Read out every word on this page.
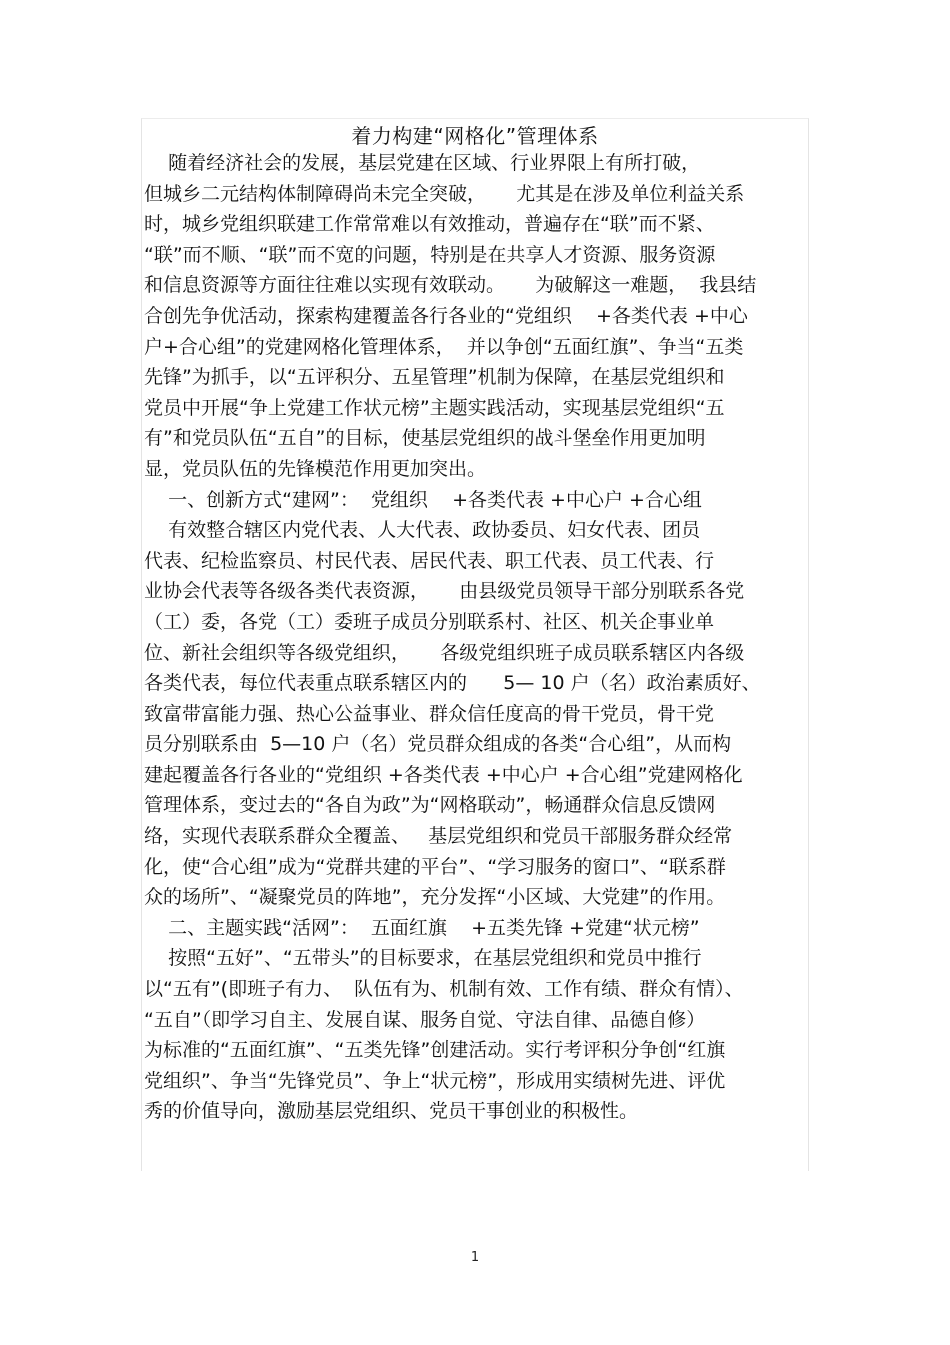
着力构建“网格化”管理体系
随着经济社会的发展，基层党建在区域、行业界限上有所打破，
但城乡二元结构体制障碍尚未完全突破，     尤其是在涉及单位利益关系
时，城乡党组织联建工作常常难以有效推动，普遍存在“联”而不紧、
“联”而不顺、“联”而不宽的问题，特别是在共享人才资源、服务资源
和信息资源等方面往往难以实现有效联动。     为破解这一难题，  我县结
合创先争优活动，探索构建覆盖各行各业的“党组织    +各类代表 +中心
户+合心组”的党建网格化管理体系，  并以争创“五面红旗”、争当“五类
先锋”为抓手，以“五评积分、五星管理”机制为保障，在基层党组织和
党员中开展“争上党建工作状元榜”主题实践活动，实现基层党组织“五
有”和党员队伍“五自”的目标，使基层党组织的战斗堡垒作用更加明
显，党员队伍的先锋模范作用更加突出。
一、创新方式“建网”：  党组织    +各类代表 +中心户 +合心组
有效整合辖区内党代表、人大代表、政协委员、妇女代表、团员
代表、纪检监察员、村民代表、居民代表、职工代表、员工代表、行
业协会代表等各级各类代表资源，     由县级党员领导干部分别联系各党
（工）委，各党（工）委班子成员分别联系村、社区、机关企事业单
位、新社会组织等各级党组织，     各级党组织班子成员联系辖区内各级
各类代表，每位代表重点联系辖区内的      5— 10 户（名）政治素质好、
致富带富能力强、热心公益事业、群众信任度高的骨干党员，骨干党
员分别联系由  5—10 户（名）党员群众组成的各类“合心组”，从而构
建起覆盖各行各业的“党组织 +各类代表 +中心户 +合心组”党建网格化
管理体系，变过去的“各自为政”为“网格联动”，畅通群众信息反馈网
络，实现代表联系群众全覆盖、   基层党组织和党员干部服务群众经常
化，使“合心组”成为“党群共建的平台”、“学习服务的窗口”、“联系群
众的场所”、“凝聚党员的阵地”，充分发挥“小区域、大党建”的作用。
二、主题实践“活网”：  五面红旗    +五类先锋 +党建“状元榜”
按照“五好”、“五带头”的目标要求，在基层党组织和党员中推行
以“五有”(即班子有力、  队伍有为、机制有效、工作有绩、群众有情）、
“五自”（即学习自主、发展自谋、服务自觉、守法自律、品德自修）
为标准的“五面红旗”、“五类先锋”创建活动。实行考评积分争创“红旗
党组织”、争当“先锋党员”、争上“状元榜”，形成用实绩树先进、评优
秀的价值导向，激励基层党组织、党员干事创业的积极性。
1
